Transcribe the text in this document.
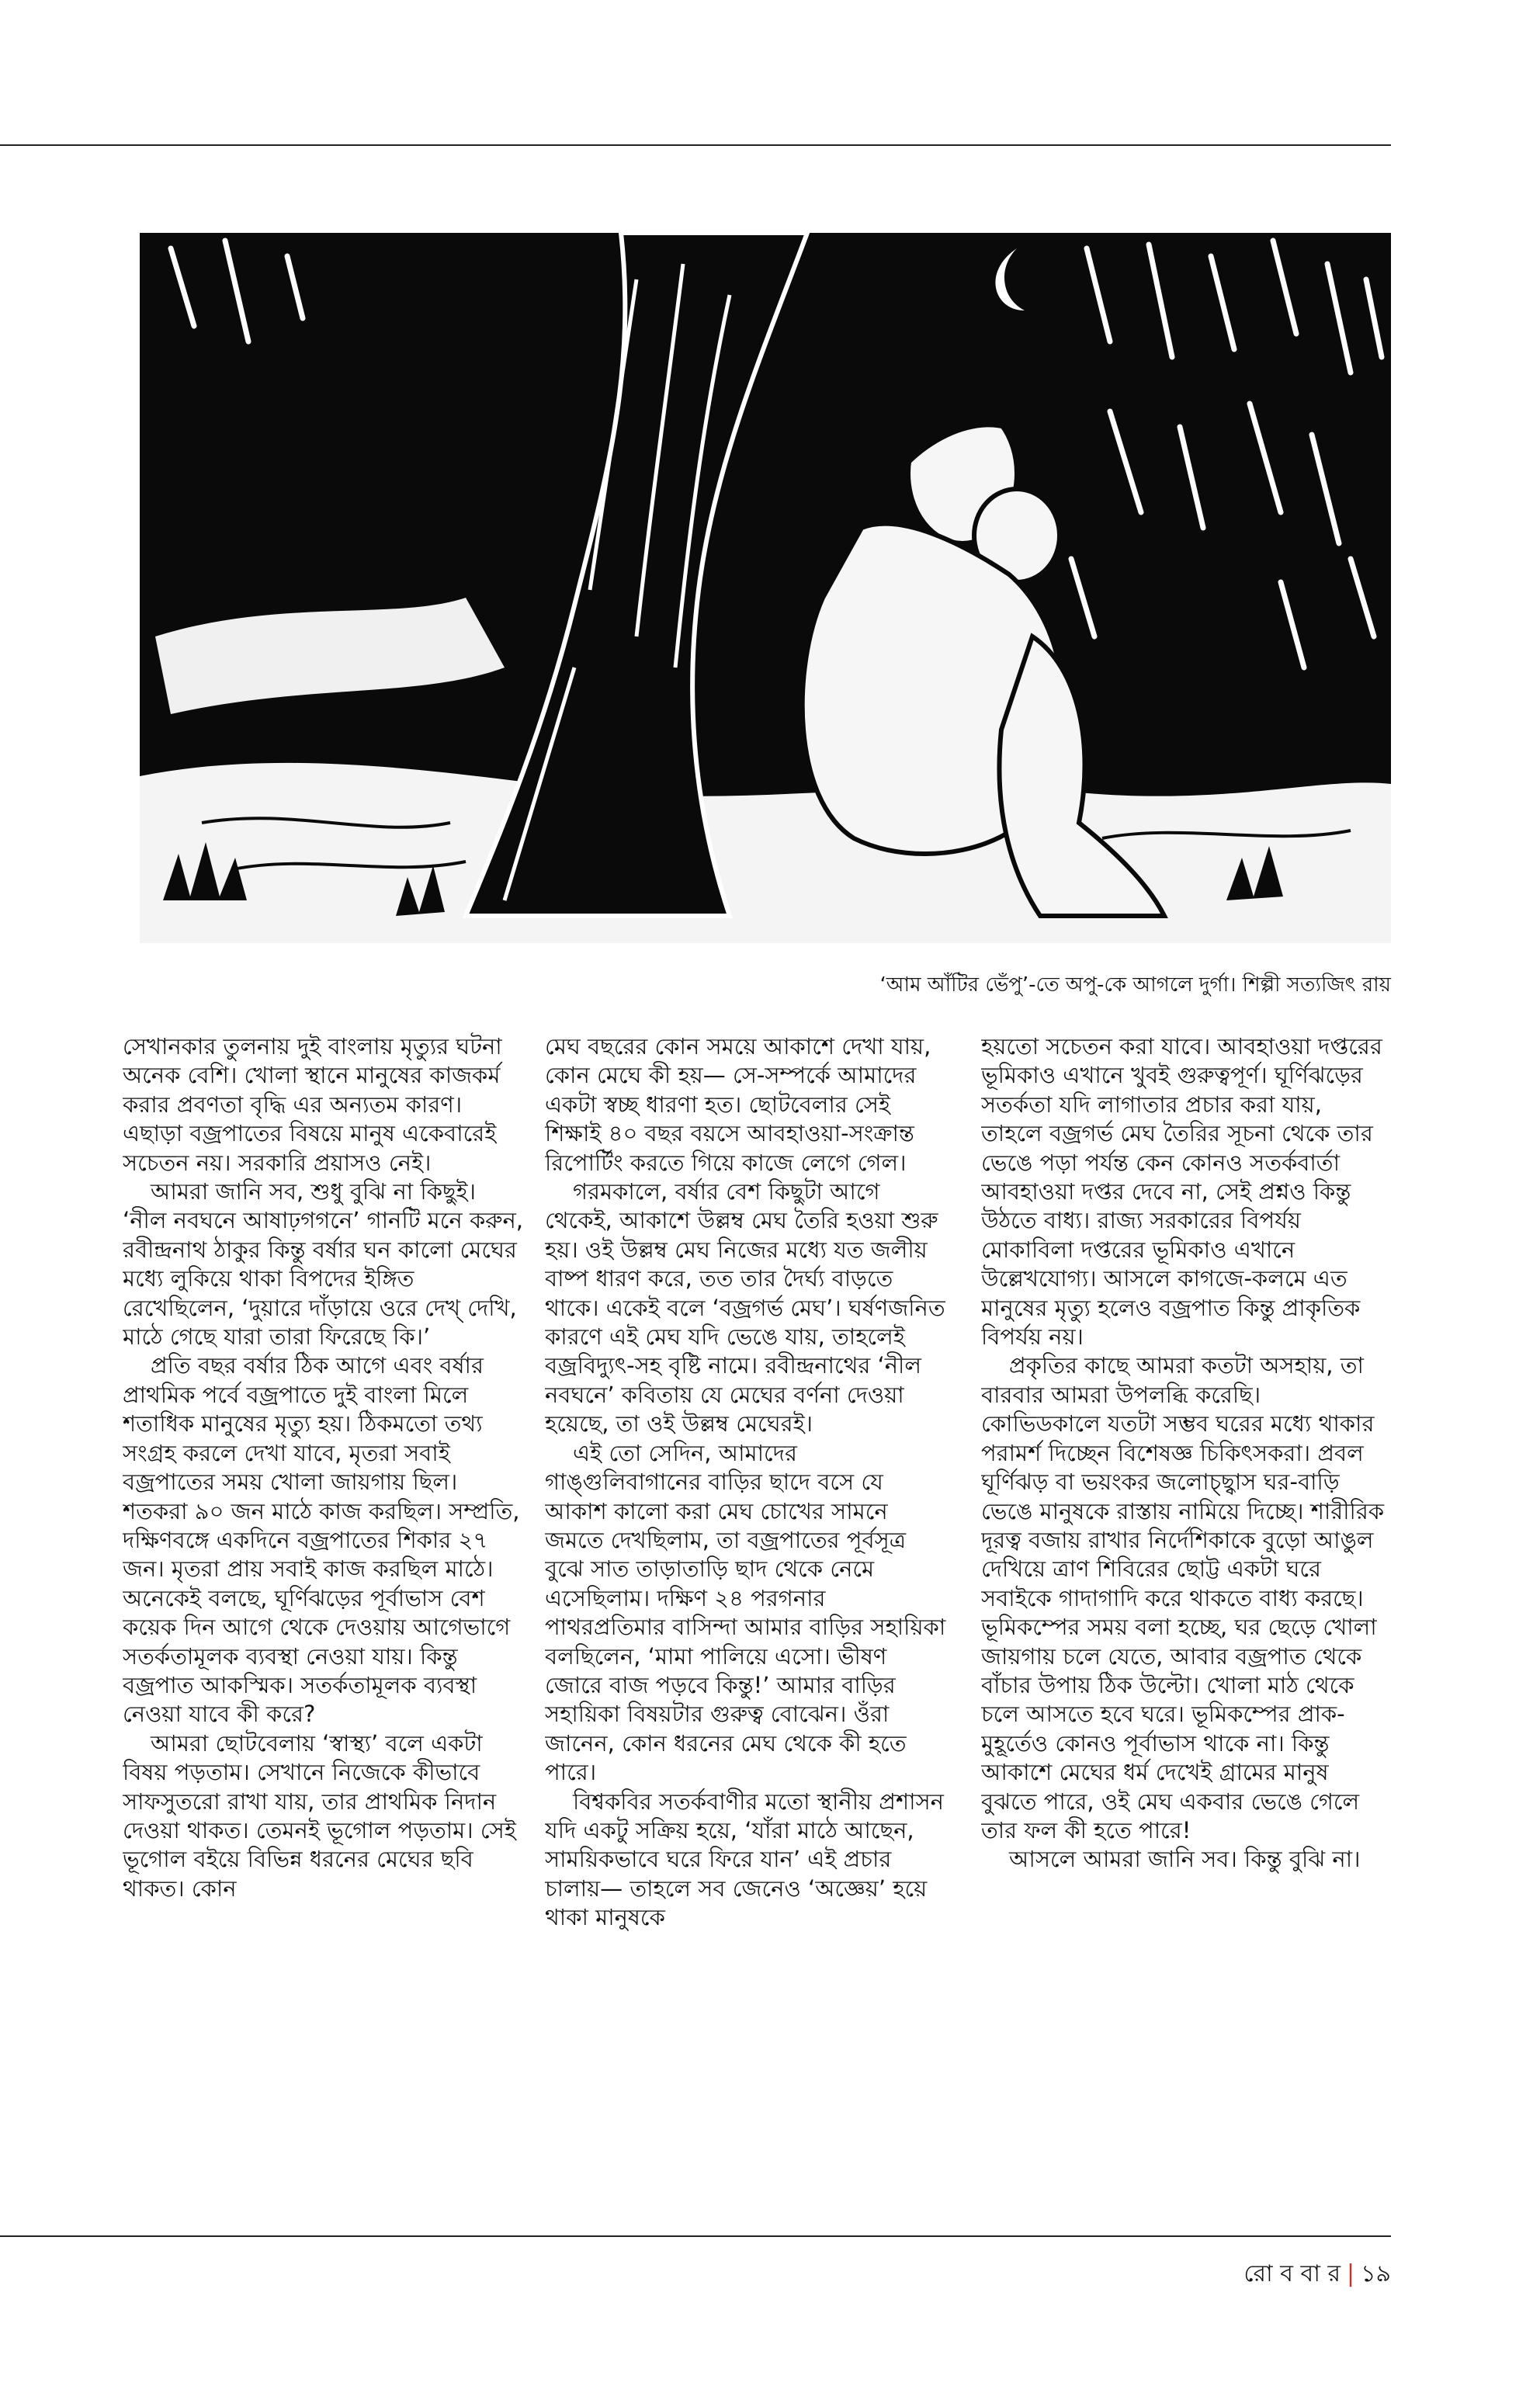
‘আম আঁটির ভেঁপু’-তে অপু-কে আগলে দুর্গা। শিল্পী সত্যজিৎ রায়

সেখানকার তুলনায় দুই বাংলায় মৃত্যুর ঘটনা অনেক বেশি। খোলা স্থানে মানুষের কাজকর্ম করার প্রবণতা বৃদ্ধি এর অন্যতম কারণ। এছাড়া বজ্রপাতের বিষয়ে মানুষ একেবারেই সচেতন নয়। সরকারি প্রয়াসও নেই।

আমরা জানি সব, শুধু বুঝি না কিছুই। ‘নীল নবঘনে আষাঢ়গগনে’ গানটি মনে করুন, রবীন্দ্রনাথ ঠাকুর কিন্তু বর্ষার ঘন কালো মেঘের মধ্যে লুকিয়ে থাকা বিপদের ইঙ্গিত রেখেছিলেন, ‘দুয়ারে দাঁড়ায়ে ওরে দেখ্‌ দেখি, মাঠে গেছে যারা তারা ফিরেছে কি।’

প্রতি বছর বর্ষার ঠিক আগে এবং বর্ষার প্রাথমিক পর্বে বজ্রপাতে দুই বাংলা মিলে শতাধিক মানুষের মৃত্যু হয়। ঠিকমতো তথ্য সংগ্রহ করলে দেখা যাবে, মৃতরা সবাই বজ্রপাতের সময় খোলা জায়গায় ছিল। শতকরা ৯০ জন মাঠে কাজ করছিল। সম্প্রতি, দক্ষিণবঙ্গে একদিনে বজ্রপাতের শিকার ২৭ জন। মৃতরা প্রায় সবাই কাজ করছিল মাঠে। অনেকেই বলছে, ঘূর্ণিঝড়ের পূর্বাভাস বেশ কয়েক দিন আগে থেকে দেওয়ায় আগেভাগে সতর্কতামূলক ব্যবস্থা নেওয়া যায়। কিন্তু বজ্রপাত আকস্মিক। সতর্কতামূলক ব্যবস্থা নেওয়া যাবে কী করে?

আমরা ছোটবেলায় ‘স্বাস্থ্য’ বলে একটা বিষয় পড়তাম। সেখানে নিজেকে কীভাবে সাফসুতরো রাখা যায়, তার প্রাথমিক নিদান দেওয়া থাকত। তেমনই ভূগোল পড়তাম। সেই ভূগোল বইয়ে বিভিন্ন ধরনের মেঘের ছবি থাকত। কোন

মেঘ বছরের কোন সময়ে আকাশে দেখা যায়, কোন মেঘে কী হয়— সে-সম্পর্কে আমাদের একটা স্বচ্ছ ধারণা হত। ছোটবেলার সেই শিক্ষাই ৪০ বছর বয়সে আবহাওয়া-সংক্রান্ত রিপোর্টিং করতে গিয়ে কাজে লেগে গেল।

গরমকালে, বর্ষার বেশ কিছুটা আগে থেকেই, আকাশে উল্লম্ব মেঘ তৈরি হওয়া শুরু হয়। ওই উল্লম্ব মেঘ নিজের মধ্যে যত জলীয় বাষ্প ধারণ করে, তত তার দৈর্ঘ্য বাড়তে থাকে। একেই বলে ‘বজ্রগর্ভ মেঘ’। ঘর্ষণজনিত কারণে এই মেঘ যদি ভেঙে যায়, তাহলেই বজ্রবিদ্যুৎ-সহ বৃষ্টি নামে। রবীন্দ্রনাথের ‘নীল নবঘনে’ কবিতায় যে মেঘের বর্ণনা দেওয়া হয়েছে, তা ওই উল্লম্ব মেঘেরই।

এই তো সেদিন, আমাদের গাঙ্গুলিবাগানের বাড়ির ছাদে বসে যে আকাশ কালো করা মেঘ চোখের সামনে জমতে দেখছিলাম, তা বজ্রপাতের পূর্বসূত্র বুঝে সাত তাড়াতাড়ি ছাদ থেকে নেমে এসেছিলাম। দক্ষিণ ২৪ পরগনার পাথরপ্রতিমার বাসিন্দা আমার বাড়ির সহায়িকা বলছিলেন, ‘মামা পালিয়ে এসো। ভীষণ জোরে বাজ পড়বে কিন্তু!’ আমার বাড়ির সহায়িকা বিষয়টার গুরুত্ব বোঝেন। ওঁরা জানেন, কোন ধরনের মেঘ থেকে কী হতে পারে।

বিশ্বকবির সতর্কবাণীর মতো স্থানীয় প্রশাসন যদি একটু সক্রিয় হয়ে, ‘যাঁরা মাঠে আছেন, সাময়িকভাবে ঘরে ফিরে যান’ এই প্রচার চালায়— তাহলে সব জেনেও ‘অজ্ঞেয়’ হয়ে থাকা মানুষকে

হয়তো সচেতন করা যাবে। আবহাওয়া দপ্তরের ভূমিকাও এখানে খুবই গুরুত্বপূর্ণ। ঘূর্ণিঝড়ের সতর্কতা যদি লাগাতার প্রচার করা যায়, তাহলে বজ্রগর্ভ মেঘ তৈরির সূচনা থেকে তার ভেঙে পড়া পর্যন্ত কেন কোনও সতর্কবার্তা আবহাওয়া দপ্তর দেবে না, সেই প্রশ্নও কিন্তু উঠতে বাধ্য। রাজ্য সরকারের বিপর্যয় মোকাবিলা দপ্তরের ভূমিকাও এখানে উল্লেখযোগ্য। আসলে কাগজে-কলমে এত মানুষের মৃত্যু হলেও বজ্রপাত কিন্তু প্রাকৃতিক বিপর্যয় নয়।

প্রকৃতির কাছে আমরা কতটা অসহায়, তা বারবার আমরা উপলব্ধি করেছি। কোভিডকালে যতটা সম্ভব ঘরের মধ্যে থাকার পরামর্শ দিচ্ছেন বিশেষজ্ঞ চিকিৎসকরা। প্রবল ঘূর্ণিঝড় বা ভয়ংকর জলোচ্ছ্বাস ঘর-বাড়ি ভেঙে মানুষকে রাস্তায় নামিয়ে দিচ্ছে। শারীরিক দূরত্ব বজায় রাখার নির্দেশিকাকে বুড়ো আঙুল দেখিয়ে ত্রাণ শিবিরের ছোট্ট একটা ঘরে সবাইকে গাদাগাদি করে থাকতে বাধ্য করছে। ভূমিকম্পের সময় বলা হচ্ছে, ঘর ছেড়ে খোলা জায়গায় চলে যেতে, আবার বজ্রপাত থেকে বাঁচার উপায় ঠিক উল্টো। খোলা মাঠ থেকে চলে আসতে হবে ঘরে। ভূমিকম্পের প্রাক-মুহূর্তেও কোনও পূর্বাভাস থাকে না। কিন্তু আকাশে মেঘের ধর্ম দেখেই গ্রামের মানুষ বুঝতে পারে, ওই মেঘ একবার ভেঙে গেলে তার ফল কী হতে পারে!

আসলে আমরা জানি সব। কিন্তু বুঝি না।

রো ব বা র | ১৯
